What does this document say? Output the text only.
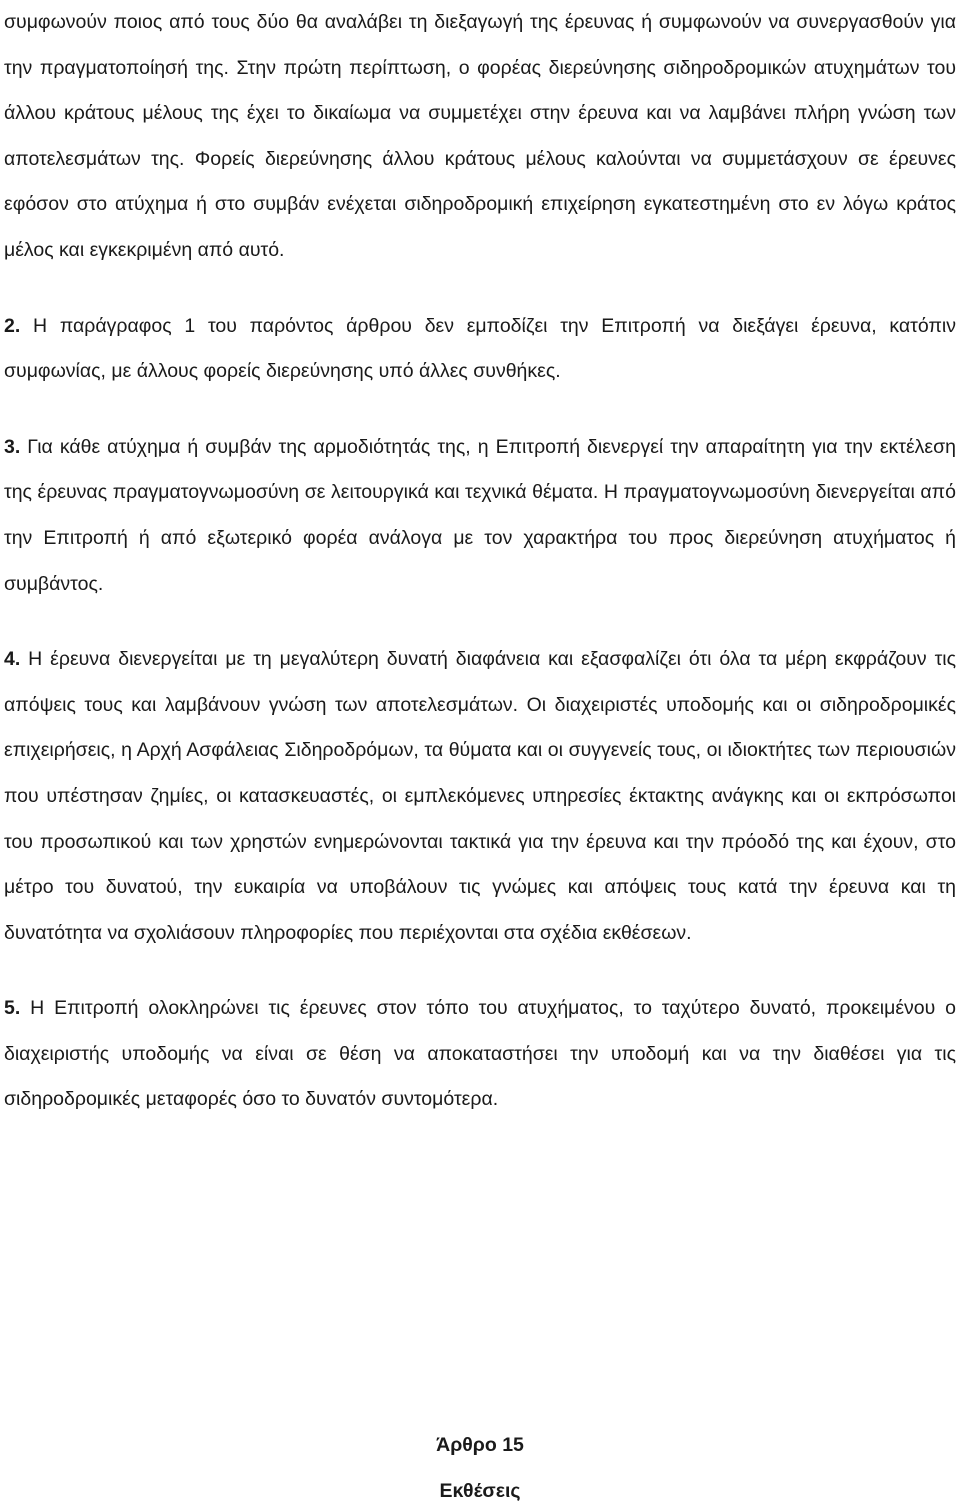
συμφωνούν ποιος από τους δύο θα αναλάβει τη διεξαγωγή της έρευνας ή συμφωνούν να συνεργασθούν για την πραγματοποίησή της. Στην πρώτη περίπτωση, ο φορέας διερεύνησης σιδηροδρομικών ατυχημάτων του άλλου κράτους μέλους της έχει το δικαίωμα να συμμετέχει στην έρευνα και να λαμβάνει πλήρη γνώση των αποτελεσμάτων της. Φορείς διερεύνησης άλλου κράτους μέλους καλούνται να συμμετάσχουν σε έρευνες εφόσον στο ατύχημα ή στο συμβάν ενέχεται σιδηροδρομική επιχείρηση εγκατεστημένη στο εν λόγω κράτος μέλος και εγκεκριμένη από αυτό.

2. Η παράγραφος 1 του παρόντος άρθρου δεν εμποδίζει την Επιτροπή να διεξάγει έρευνα, κατόπιν συμφωνίας, με άλλους φορείς διερεύνησης υπό άλλες συνθήκες.

3. Για κάθε ατύχημα ή συμβάν της αρμοδιότητάς της, η Επιτροπή διενεργεί την απαραίτητη για την εκτέλεση της έρευνας πραγματογνωμοσύνη σε λειτουργικά και τεχνικά θέματα. Η πραγματογνωμοσύνη διενεργείται από την Επιτροπή ή από εξωτερικό φορέα ανάλογα με τον χαρακτήρα του προς διερεύνηση ατυχήματος ή συμβάντος.

4. Η έρευνα διενεργείται με τη μεγαλύτερη δυνατή διαφάνεια και εξασφαλίζει ότι όλα τα μέρη εκφράζουν τις απόψεις τους και λαμβάνουν γνώση των αποτελεσμάτων. Οι διαχειριστές υποδομής και οι σιδηροδρομικές επιχειρήσεις, η Αρχή Ασφάλειας Σιδηροδρόμων, τα θύματα και οι συγγενείς τους, οι ιδιοκτήτες των περιουσιών που υπέστησαν ζημίες, οι κατασκευαστές, οι εμπλεκόμενες υπηρεσίες έκτακτης ανάγκης και οι εκπρόσωποι του προσωπικού και των χρηστών ενημερώνονται τακτικά για την έρευνα και την πρόοδό της και έχουν, στο μέτρο του δυνατού, την ευκαιρία να υποβάλουν τις γνώμες και απόψεις τους κατά την έρευνα και τη δυνατότητα να σχολιάσουν πληροφορίες που περιέχονται στα σχέδια εκθέσεων.

5. Η Επιτροπή ολοκληρώνει τις έρευνες στον τόπο του ατυχήματος, το ταχύτερο δυνατό, προκειμένου ο διαχειριστής υποδομής να είναι σε θέση να αποκαταστήσει την υποδομή και να την διαθέσει για τις σιδηροδρομικές μεταφορές όσο το δυνατόν συντομότερα.

Άρθρο 15
Εκθέσεις
